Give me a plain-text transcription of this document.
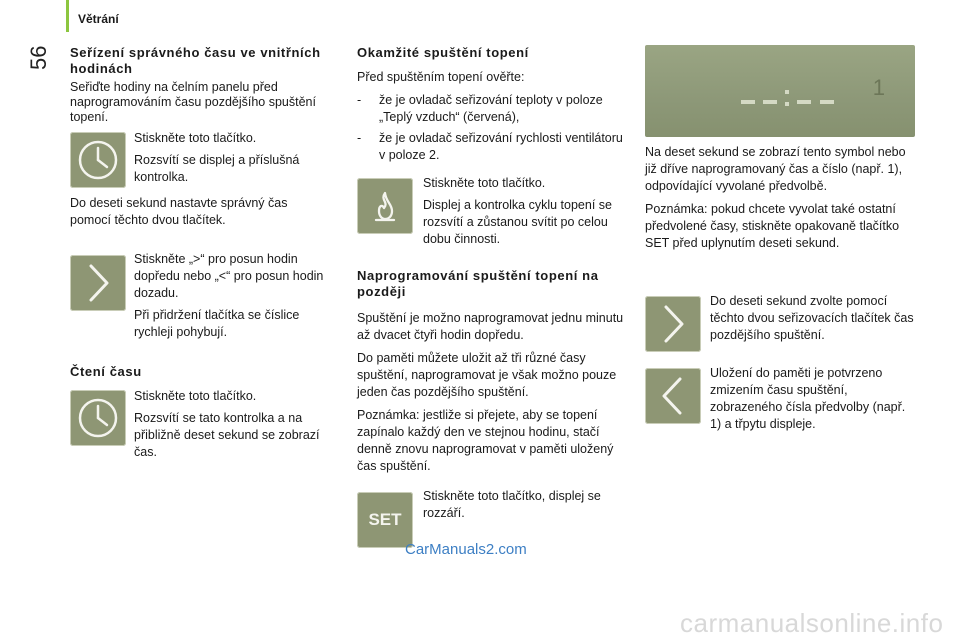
Větrání
56 Seřízení správného času ve vnitřních hodinách

Seřiďte hodiny na čelním panelu před naprogramováním času pozdějšího spuštění topení.

Stiskněte toto tlačítko.

Rozsvítí se displej a příslušná kontrolka.

Do deseti sekund nastavte správný čas pomocí těchto dvou tlačítek.

Stiskněte „>“ pro posun hodin dopředu nebo „<“ pro posun hodin dozadu.

Při přidržení tlačítka se číslice rychleji pohybují.

Čtení času

Stiskněte toto tlačítko.

Rozsvítí se tato kontrolka a na přibližně deset sekund se zobrazí čas.

Okamžité spuštění topení

Před spuštěním topení ověřte:

-	že je ovladač seřizování teploty v poloze „Teplý vzduch“ (červená),
-	že je ovladač seřizování rychlosti ventilátoru v poloze 2.

Stiskněte toto tlačítko.

Displej a kontrolka cyklu topení se rozsvítí a zůstanou svítit po celou dobu činnosti.

Naprogramování spuštění topení na později

Spuštění je možno naprogramovat jednu minutu až dvacet čtyři hodin dopředu.

Do paměti můžete uložit až tři různé časy spuštění, naprogramovat je však možno pouze jeden čas pozdějšího spuštění.

Poznámka: jestliže si přejete, aby se topení zapínalo každý den ve stejnou hodinu, stačí denně znovu naprogramovat v paměti uložený čas spuštění.

SET

Stiskněte toto tlačítko, displej se rozzáří.

1

Na deset sekund se zobrazí tento symbol nebo již dříve naprogramovaný čas a číslo (např. 1), odpovídající vyvolané předvolbě.

Poznámka: pokud chcete vyvolat také ostatní předvolené časy, stiskněte opakovaně tlačítko SET před uplynutím deseti sekund.

Do deseti sekund zvolte pomocí těchto dvou seřizovacích tlačítek čas pozdějšího spuštění.

Uložení do paměti je potvrzeno zmizením času spuštění, zobrazeného čísla předvolby (např. 1) a třpytu displeje.

CarManuals2.com
carmanualsonline.info
